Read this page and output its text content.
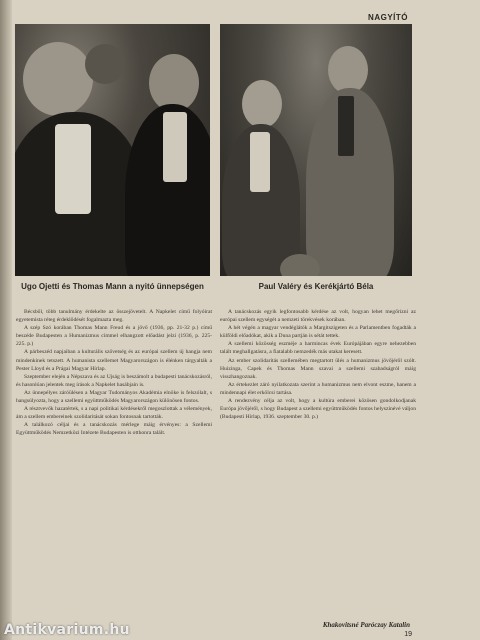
NAGYÍTÓ
Ugo Ojetti és Thomas Mann a nyitó ünnepségen	Paul Valéry és Kerékjártó Béla

Bécsből, több tanulmány érdekelte az összejövetelt. A Napkelet című folyóirat egyetemista réteg érdeklődését fogalmazta meg.

A szép Szó korában Thomas Mann Freud és a jövő (1936, pp. 21-32 p.) című beszéde Budapesten a Humanizmus címmel elhangzott előadást jelzi (1936, p. 225-225. p.)

A párbeszéd napjaiban a kulturális szövetség és az európai szellem új hangja nem mindenkinek tetszett. A humanista szellemet Magyarországon is élénken tárgyalták a Pester Lloyd és a Prágai Magyar Hírlap.

Szeptember elején a Népszava és az Ujság is beszámolt a budapesti tanácskozásról, és hasonlóan jelentek meg írások a Napkelet hasábjain is.

Az ünnepélyes záróülésen a Magyar Tudományos Akadémia elnöke is felszólalt, s hangsúlyozta, hogy a szellemi együttműködés Magyarországon különösen fontos.

A résztvevők hazatértek, s a napi politikai kérdésekről megoszlottak a vélemények, ám a szellem embereinek szolidaritását sokan fontosnak tartották.

A találkozó céljai és a tanácskozás mérlege máig érvényes: a Szellemi Együttműködés Nemzetközi Intézete Budapesten is otthonra talált.

A tanácskozás egyik legfontosabb kérdése az volt, hogyan lehet megőrizni az európai szellem egységét a nemzeti törekvések korában.

A hét végén a magyar vendéglátók a Margitszigeten és a Parlamentben fogadták a külföldi előadókat, akik a Duna partján is sétát tettek.

A szellemi közösség eszméje a harmincas évek Európájában egyre nehezebben talált meghallgatásra, a fiatalabb nemzedék más utakat keresett.

Az ember szolidaritás szellemében megtartott ülés a humanizmus jövőjéről szólt. Huizinga, Capek és Thomas Mann szavai a szellemi szabadságról máig visszhangoznak.

Az értekezlet záró nyilatkozata szerint a humanizmus nem elvont eszme, hanem a mindennapi élet erkölcsi tartása.

A rendezvény célja az volt, hogy a kultúra emberei közösen gondolkodjanak Európa jövőjéről, s hogy Budapest a szellemi együttműködés fontos helyszínévé váljon (Budapesti Hírlap, 1936. szeptember 30. p.)

Khakovitsné Paróczay Katalin
19
Antikvarium.hu
